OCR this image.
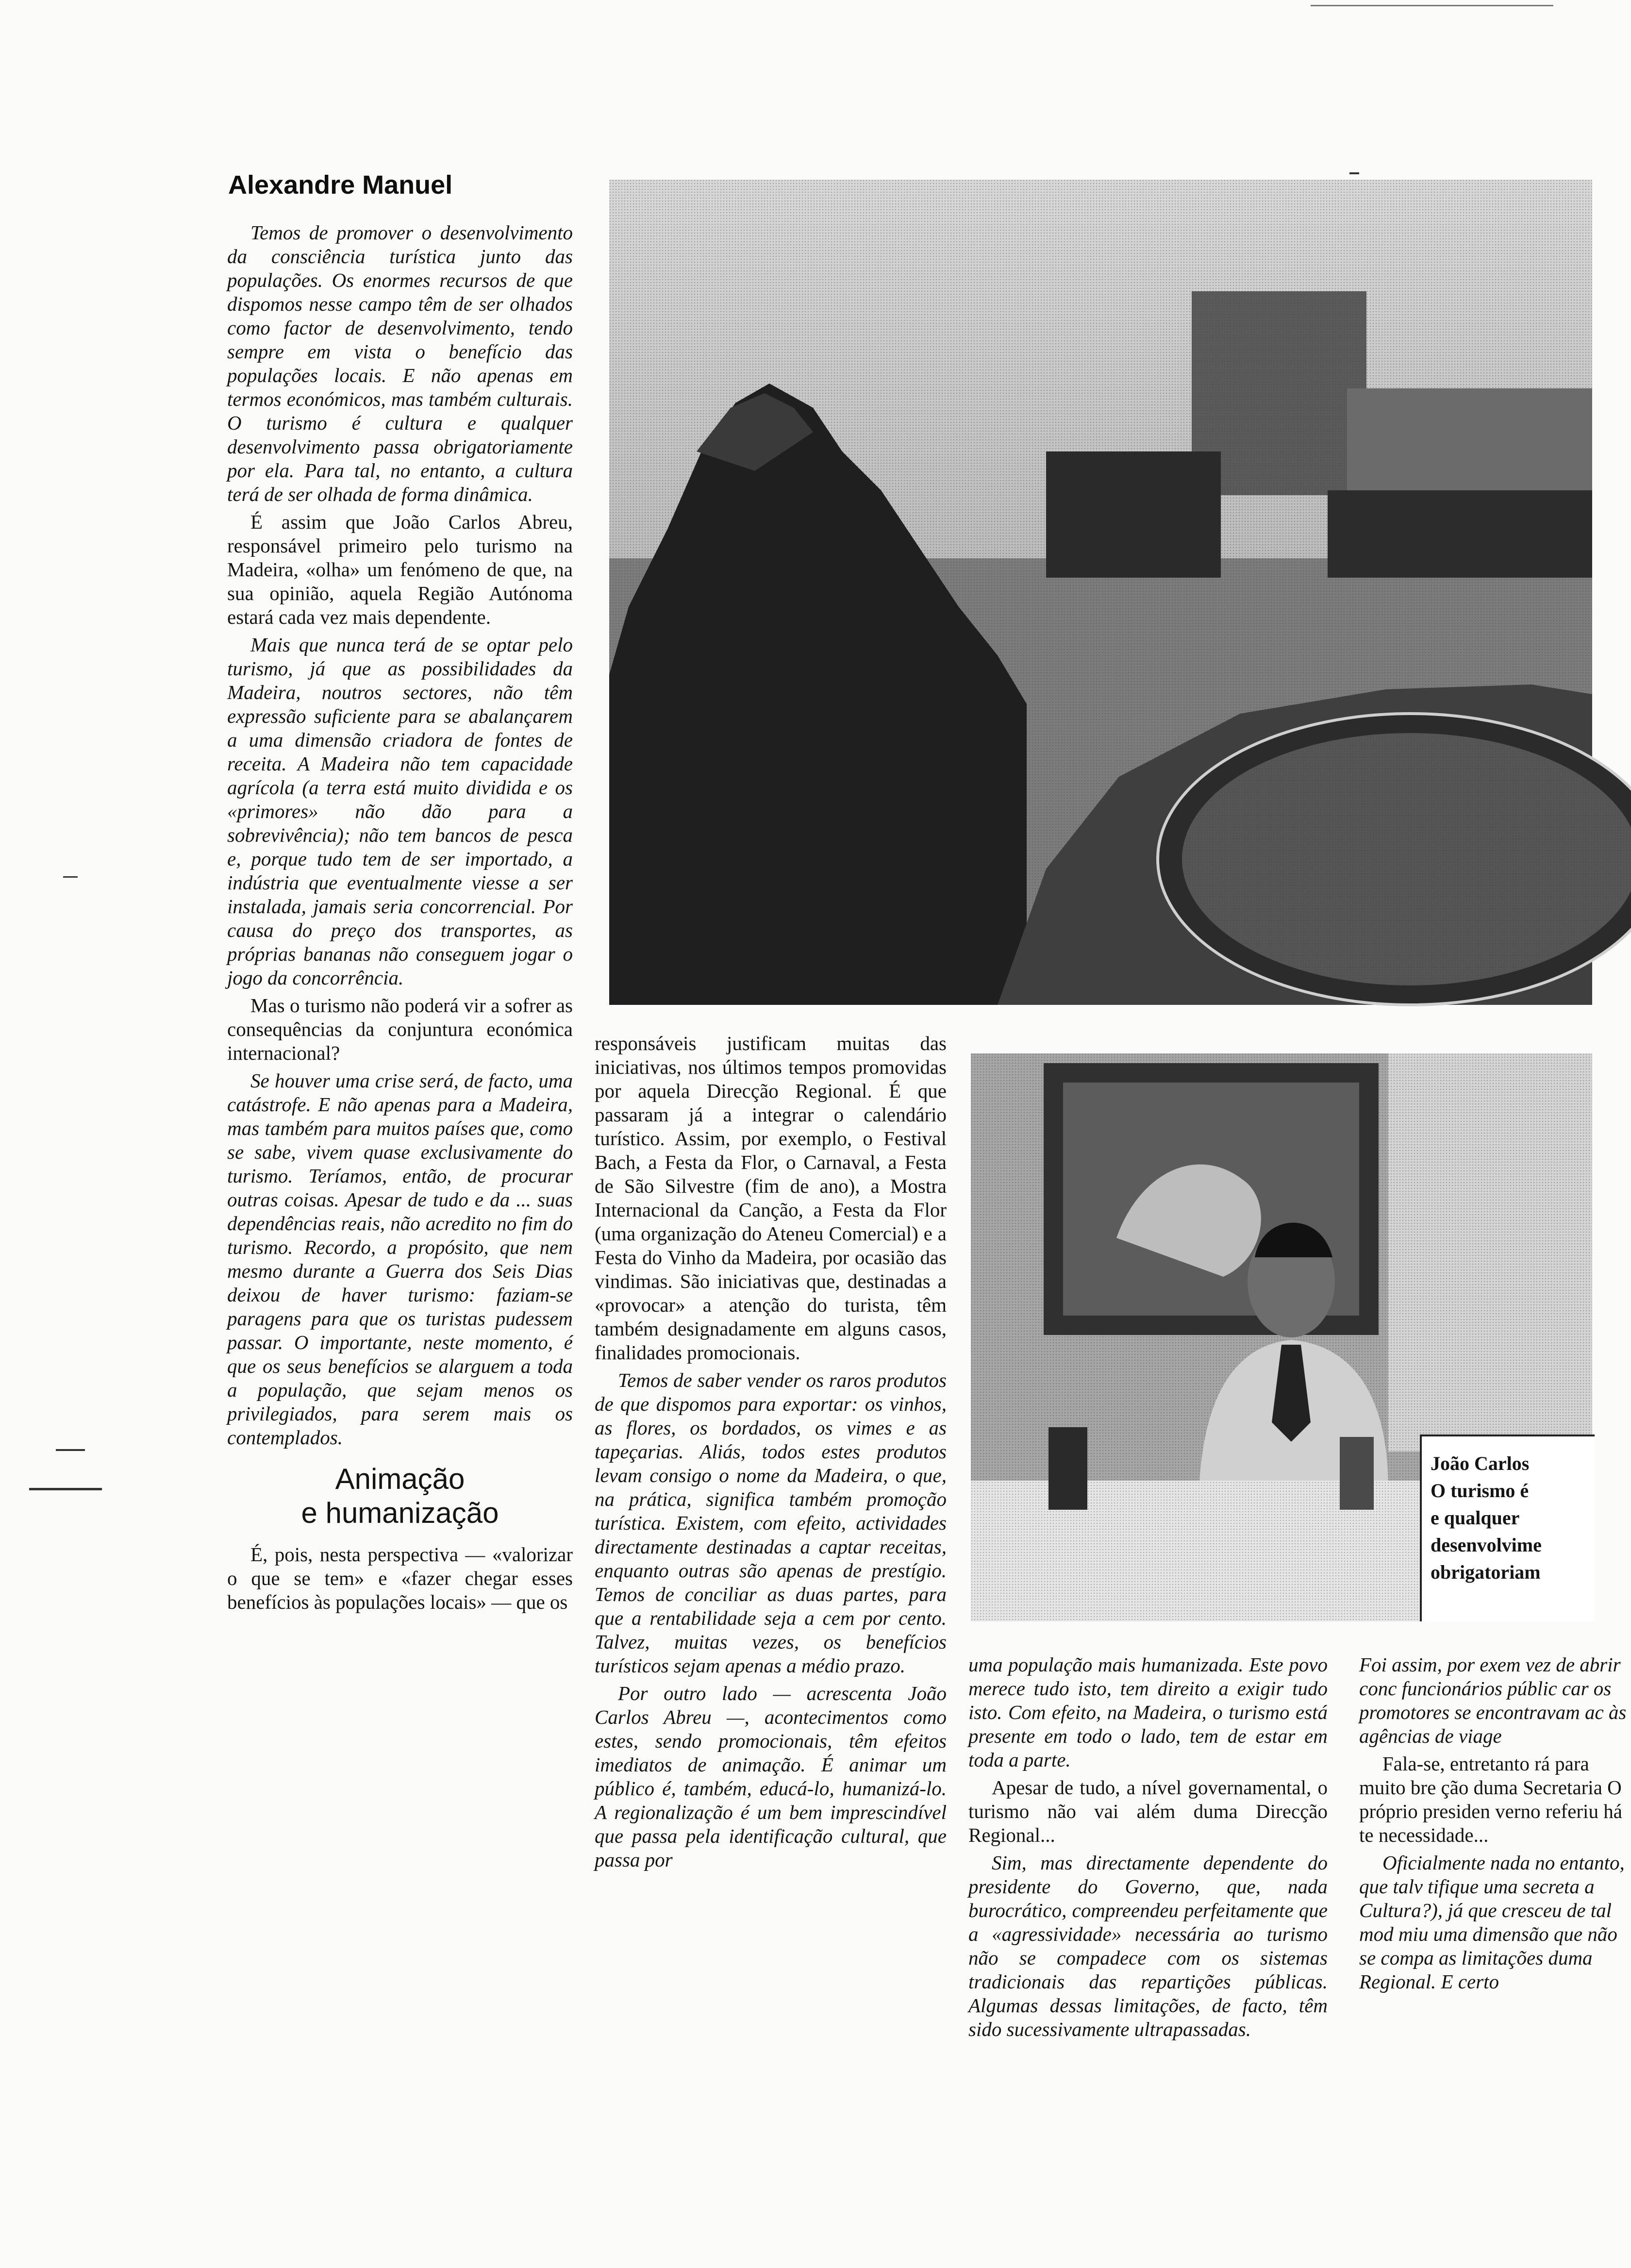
Alexandre Manuel

Temos de promover o desenvolvimento da consciência turística junto das populações. Os enormes recursos de que dispomos nesse campo têm de ser olhados como factor de desenvolvimento, tendo sempre em vista o benefício das populações locais. E não apenas em termos económicos, mas também culturais. O turismo é cultura e qualquer desenvolvimento passa obrigatoriamente por ela. Para tal, no entanto, a cultura terá de ser olhada de forma dinâmica.

É assim que João Carlos Abreu, responsável primeiro pelo turismo na Madeira, «olha» um fenómeno de que, na sua opinião, aquela Região Autónoma estará cada vez mais dependente.

Mais que nunca terá de se optar pelo turismo, já que as possibilidades da Madeira, noutros sectores, não têm expressão suficiente para se abalançarem a uma dimensão criadora de fontes de receita. A Madeira não tem capacidade agrícola (a terra está muito dividida e os «primores» não dão para a sobrevivência); não tem bancos de pesca e, porque tudo tem de ser importado, a indústria que eventualmente viesse a ser instalada, jamais seria concorrencial. Por causa do preço dos transportes, as próprias bananas não conseguem jogar o jogo da concorrência.

Mas o turismo não poderá vir a sofrer as consequências da conjuntura económica internacional?

Se houver uma crise será, de facto, uma catástrofe. E não apenas para a Madeira, mas também para muitos países que, como se sabe, vivem quase exclusivamente do turismo. Teríamos, então, de procurar outras coisas. Apesar de tudo e da ... suas dependências reais, não acredito no fim do turismo. Recordo, a propósito, que nem mesmo durante a Guerra dos Seis Dias deixou de haver turismo: faziam-se paragens para que os turistas pudessem passar. O importante, neste momento, é que os seus benefícios se alarguem a toda a população, que sejam menos os privilegiados, para serem mais os contemplados.

Animação
e humanização

É, pois, nesta perspectiva — «valorizar o que se tem» e «fazer chegar esses benefícios às populações locais» — que os

responsáveis justificam muitas das iniciativas, nos últimos tempos promovidas por aquela Direcção Regional. É que passaram já a integrar o calendário turístico. Assim, por exemplo, o Festival Bach, a Festa da Flor, o Carnaval, a Festa de São Silvestre (fim de ano), a Mostra Internacional da Canção, a Festa da Flor (uma organização do Ateneu Comercial) e a Festa do Vinho da Madeira, por ocasião das vindimas. São iniciativas que, destinadas a «provocar» a atenção do turista, têm também designadamente em alguns casos, finalidades promocionais.

Temos de saber vender os raros produtos de que dispomos para exportar: os vinhos, as flores, os bordados, os vimes e as tapeçarias. Aliás, todos estes produtos levam consigo o nome da Madeira, o que, na prática, significa também promoção turística. Existem, com efeito, actividades directamente destinadas a captar receitas, enquanto outras são apenas de prestígio. Temos de conciliar as duas partes, para que a rentabilidade seja a cem por cento. Talvez, muitas vezes, os benefícios turísticos sejam apenas a médio prazo.

Por outro lado — acrescenta João Carlos Abreu —, acontecimentos como estes, sendo promocionais, têm efeitos imediatos de animação. É animar um público é, também, educá-lo, humanizá-lo. A regionalização é um bem imprescindível que passa pela identificação cultural, que passa por

João Carlos
O turismo é
e qualquer
desenvolvime
obrigatoriam

uma população mais humanizada. Este povo merece tudo isto, tem direito a exigir tudo isto. Com efeito, na Madeira, o turismo está presente em todo o lado, tem de estar em toda a parte.

Apesar de tudo, a nível governamental, o turismo não vai além duma Direcção Regional...

Sim, mas directamente dependente do presidente do Governo, que, nada burocrático, compreendeu perfeitamente que a «agressividade» necessária ao turismo não se compadece com os sistemas tradicionais das repartições públicas. Algumas dessas limitações, de facto, têm sido sucessivamente ultrapassadas.

Foi assim, por exem vez de abrir conc funcionários públic car os promotores se encontravam ac às agências de viage

Fala-se, entretanto rá para muito bre ção duma Secretaria O próprio presiden verno referiu há te necessidade...

Oficialmente nada no entanto, que talv tifique uma secreta a Cultura?), já que cresceu de tal mod miu uma dimensão que não se compa as limitações duma Regional. E certo
